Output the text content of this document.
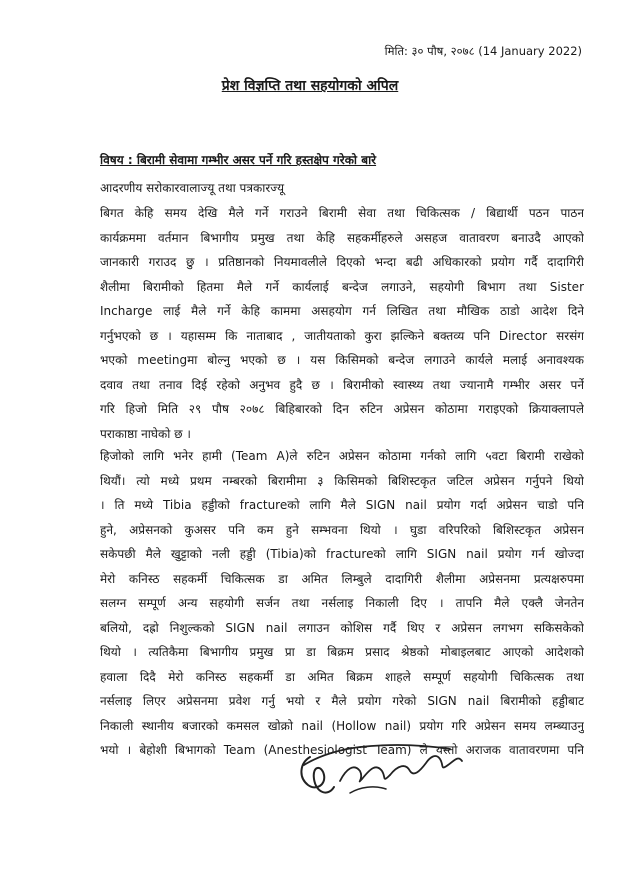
मिति: ३० पौष, २०७८ (14 January 2022)
प्रेश विज्ञप्ति तथा सहयोगको अपिल
विषय : बिरामी सेवामा गम्भीर असर पर्ने गरि हस्तक्षेप गरेको बारे
आदरणीय सरोकारवालाज्यू तथा पत्रकारज्यू
बिगत केहि समय देखि मैले गर्ने गराउने बिरामी सेवा तथा चिकित्सक / बिद्यार्थी पठन पाठन
कार्यक्रममा वर्तमान बिभागीय प्रमुख तथा केहि सहकर्मीहरुले असहज वातावरण बनाउदै आएको
जानकारी गराउद छु । प्रतिष्ठानको नियमावलीले दिएको भन्दा बढी अधिकारको प्रयोग गर्दै दादागिरी
शैलीमा बिरामीको हितमा मैले गर्ने कार्यलाई बन्देज लगाउने, सहयोगी बिभाग तथा Sister
Incharge लाई मैले गर्ने केहि काममा असहयोग गर्न लिखित तथा मौखिक ठाडो आदेश दिने
गर्नुभएको छ । यहासम्म कि नाताबाद , जातीयताको कुरा झल्किने बक्तव्य पनि Director सरसंग
भएको meetingमा बोल्नु भएको छ । यस किसिमको बन्देज लगाउने कार्यले मलाई अनावश्यक
दवाव तथा तनाव दिई रहेको अनुभव हुदै छ । बिरामीको स्वास्थ्य तथा ज्यानामै गम्भीर असर पर्ने
गरि हिजो मिति २९ पौष २०७८ बिहिबारको दिन रुटिन अप्रेसन कोठामा गराइएको क्रियाक्लापले
पराकाष्ठा नाघेको छ ।
हिजोको लागि भनेर हामी (Team A)ले रुटिन अप्रेसन कोठामा गर्नको लागि ५वटा बिरामी राखेको
थियौं। त्यो मध्ये प्रथम नम्बरको बिरामीमा ३ किसिमको बिशिस्टकृत जटिल अप्रेसन गर्नुपने थियो
। ति मध्ये Tibia हड्डीको fractureको लागि मैले SIGN nail प्रयोग गर्दा अप्रेसन चाडो पनि
हुने, अप्रेसनको कुअसर पनि कम हुने सम्भवना थियो । घुडा वरिपरिको बिशिस्टकृत अप्रेसन
सकेपछी मैले खुट्टाको नली हड्डी (Tibia)को fractureको लागि SIGN nail प्रयोग गर्न खोज्दा
मेरो कनिस्ठ सहकर्मी चिकित्सक डा अमित लिम्बुले दादागिरी शैलीमा अप्रेसनमा प्रत्यक्षरुपमा
सलग्न सम्पूर्ण अन्य सहयोगी सर्जन तथा नर्सलाइ निकाली दिए । तापनि मैले एक्लै जेनतेन
बलियो, दह्रो निशुल्कको SIGN nail लगाउन कोशिस गर्दै थिए र अप्रेसन लगभग सकिसकेको
थियो । त्यतिकैमा बिभागीय प्रमुख प्रा डा बिक्रम प्रसाद श्रेष्ठको मोबाइलबाट आएको आदेशको
हवाला दिदै मेरो कनिस्ठ सहकर्मी डा अमित बिक्रम शाहले सम्पूर्ण सहयोगी चिकित्सक तथा
नर्सलाइ लिएर अप्रेसनमा प्रवेश गर्नु भयो र मैले प्रयोग गरेको SIGN nail बिरामीको हड्डीबाट
निकाली स्थानीय बजारको कमसल खोक्रो nail (Hollow nail) प्रयोग गरि अप्रेसन समय लम्ब्याउनु
भयो । बेहोशी बिभागको Team (Anesthesiologist Team) ले यस्तो अराजक वातावरणमा पनि
